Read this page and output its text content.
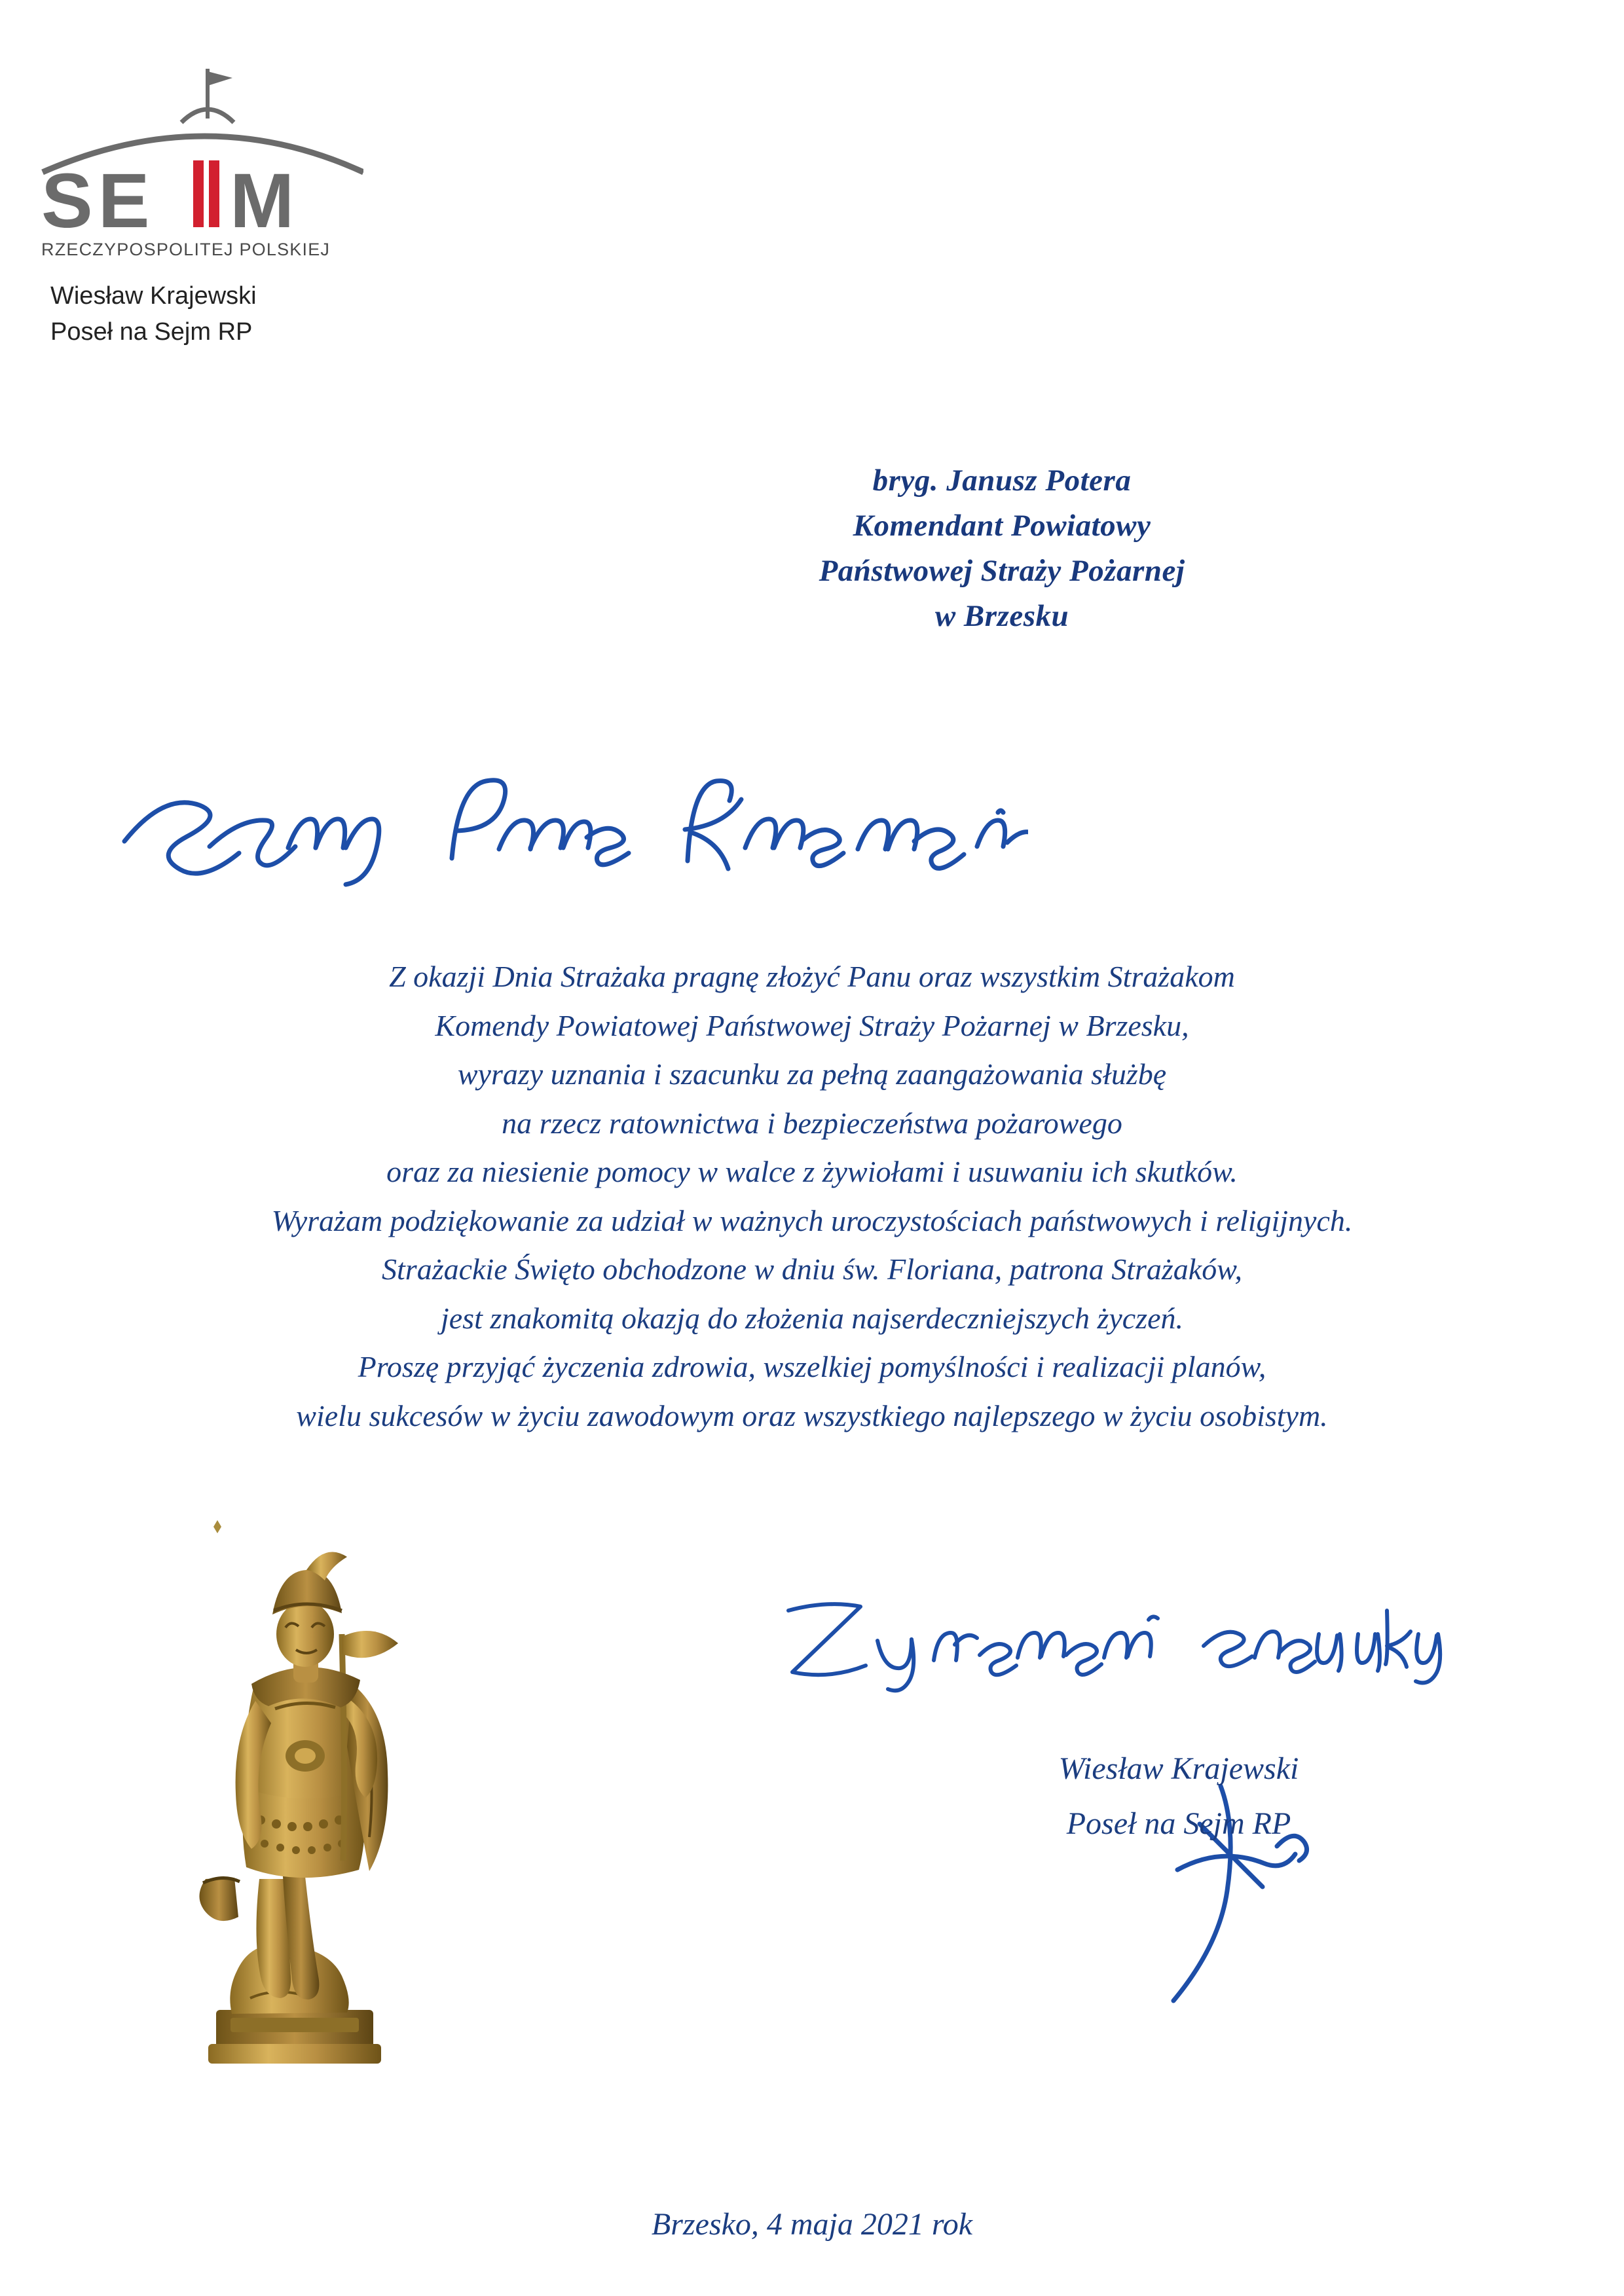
SE M
RZECZYPOSPOLITEJ POLSKIEJ
Wiesław Krajewski
Poseł na Sejm RP
bryg. Janusz Potera
Komendant Powiatowy
Państwowej Straży Pożarnej
w Brzesku

Z okazji Dnia Strażaka pragnę złożyć Panu oraz wszystkim Strażakom

Komendy Powiatowej Państwowej Straży Pożarnej w Brzesku,

wyrazy uznania i szacunku za pełną zaangażowania służbę

na rzecz ratownictwa i bezpieczeństwa pożarowego

oraz za niesienie pomocy w walce z żywiołami i usuwaniu ich skutków.

Wyrażam podziękowanie za udział w ważnych uroczystościach państwowych i religijnych.

Strażackie Święto obchodzone w dniu św. Floriana, patrona Strażaków,

jest znakomitą okazją do złożenia najserdeczniejszych życzeń.

Proszę przyjąć życzenia zdrowia, wszelkiej pomyślności i realizacji planów,

wielu sukcesów w życiu zawodowym oraz wszystkiego najlepszego w życiu osobistym.

Wiesław Krajewski
Poseł na Sejm RP
Brzesko, 4 maja 2021 rok
